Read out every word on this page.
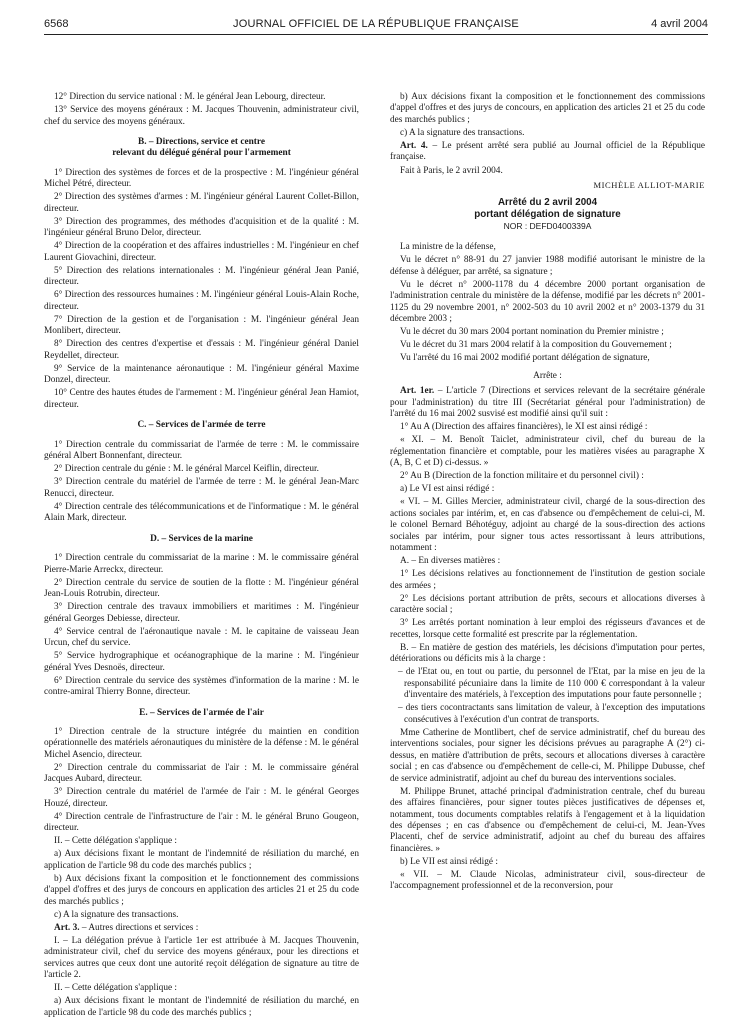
6568	JOURNAL OFFICIEL DE LA RÉPUBLIQUE FRANÇAISE	4 avril 2004

12° Direction du service national : M. le général Jean Lebourg, directeur.

13° Service des moyens généraux : M. Jacques Thouvenin, administrateur civil, chef du service des moyens généraux.

B. – Directions, service et centre
relevant du délégué général pour l'armement

1° Direction des systèmes de forces et de la prospective : M. l'ingénieur général Michel Pétré, directeur.

2° Direction des systèmes d'armes : M. l'ingénieur général Laurent Collet-Billon, directeur.

3° Direction des programmes, des méthodes d'acquisition et de la qualité : M. l'ingénieur général Bruno Delor, directeur.

4° Direction de la coopération et des affaires industrielles : M. l'ingénieur en chef Laurent Giovachini, directeur.

5° Direction des relations internationales : M. l'ingénieur général Jean Panié, directeur.

6° Direction des ressources humaines : M. l'ingénieur général Louis-Alain Roche, directeur.

7° Direction de la gestion et de l'organisation : M. l'ingénieur général Jean Monlibert, directeur.

8° Direction des centres d'expertise et d'essais : M. l'ingénieur général Daniel Reydellet, directeur.

9° Service de la maintenance aéronautique : M. l'ingénieur général Maxime Donzel, directeur.

10° Centre des hautes études de l'armement : M. l'ingénieur général Jean Hamiot, directeur.

C. – Services de l'armée de terre

1° Direction centrale du commissariat de l'armée de terre : M. le commissaire général Albert Bonnenfant, directeur.

2° Direction centrale du génie : M. le général Marcel Keiflin, directeur.

3° Direction centrale du matériel de l'armée de terre : M. le général Jean-Marc Renucci, directeur.

4° Direction centrale des télécommunications et de l'informatique : M. le général Alain Mark, directeur.

D. – Services de la marine

1° Direction centrale du commissariat de la marine : M. le commissaire général Pierre-Marie Arreckx, directeur.

2° Direction centrale du service de soutien de la flotte : M. l'ingénieur général Jean-Louis Rotrubin, directeur.

3° Direction centrale des travaux immobiliers et maritimes : M. l'ingénieur général Georges Debiesse, directeur.

4° Service central de l'aéronautique navale : M. le capitaine de vaisseau Jean Urcun, chef du service.

5° Service hydrographique et océanographique de la marine : M. l'ingénieur général Yves Desnoës, directeur.

6° Direction centrale du service des systèmes d'information de la marine : M. le contre-amiral Thierry Bonne, directeur.

E. – Services de l'armée de l'air

1° Direction centrale de la structure intégrée du maintien en condition opérationnelle des matériels aéronautiques du ministère de la défense : M. le général Michel Asencio, directeur.

2° Direction centrale du commissariat de l'air : M. le commissaire général Jacques Aubard, directeur.

3° Direction centrale du matériel de l'armée de l'air : M. le général Georges Houzé, directeur.

4° Direction centrale de l'infrastructure de l'air : M. le général Bruno Gougeon, directeur.

II. – Cette délégation s'applique :

a) Aux décisions fixant le montant de l'indemnité de résiliation du marché, en application de l'article 98 du code des marchés publics ;

b) Aux décisions fixant la composition et le fonctionnement des commissions d'appel d'offres et des jurys de concours en application des articles 21 et 25 du code des marchés publics ;

c) A la signature des transactions.

Art. 3. – Autres directions et services :

I. – La délégation prévue à l'article 1er est attribuée à M. Jacques Thouvenin, administrateur civil, chef du service des moyens généraux, pour les directions et services autres que ceux dont une autorité reçoit délégation de signature au titre de l'article 2.

II. – Cette délégation s'applique :

a) Aux décisions fixant le montant de l'indemnité de résiliation du marché, en application de l'article 98 du code des marchés publics ;

b) Aux décisions fixant la composition et le fonctionnement des commissions d'appel d'offres et des jurys de concours, en application des articles 21 et 25 du code des marchés publics ;

c) A la signature des transactions.

Art. 4. – Le présent arrêté sera publié au Journal officiel de la République française.

Fait à Paris, le 2 avril 2004.

MICHÈLE ALLIOT-MARIE
Arrêté du 2 avril 2004
portant délégation de signature
NOR : DEFD0400339A

La ministre de la défense,

Vu le décret n° 88-91 du 27 janvier 1988 modifié autorisant le ministre de la défense à déléguer, par arrêté, sa signature ;

Vu le décret n° 2000-1178 du 4 décembre 2000 portant organisation de l'administration centrale du ministère de la défense, modifié par les décrets n° 2001-1125 du 29 novembre 2001, n° 2002-503 du 10 avril 2002 et n° 2003-1379 du 31 décembre 2003 ;

Vu le décret du 30 mars 2004 portant nomination du Premier ministre ;

Vu le décret du 31 mars 2004 relatif à la composition du Gouvernement ;

Vu l'arrêté du 16 mai 2002 modifié portant délégation de signature,

Arrête :

Art. 1er. – L'article 7 (Directions et services relevant de la secrétaire générale pour l'administration) du titre III (Secrétariat général pour l'administration) de l'arrêté du 16 mai 2002 susvisé est modifié ainsi qu'il suit :

1° Au A (Direction des affaires financières), le XI est ainsi rédigé :

« XI. – M. Benoît Taiclet, administrateur civil, chef du bureau de la réglementation financière et comptable, pour les matières visées au paragraphe X (A, B, C et D) ci-dessus. »

2° Au B (Direction de la fonction militaire et du personnel civil) :

a) Le VI est ainsi rédigé :

« VI. – M. Gilles Mercier, administrateur civil, chargé de la sous-direction des actions sociales par intérim, et, en cas d'absence ou d'empêchement de celui-ci, M. le colonel Bernard Béhotéguy, adjoint au chargé de la sous-direction des actions sociales par intérim, pour signer tous actes ressortissant à leurs attributions, notamment :

A. – En diverses matières :

1° Les décisions relatives au fonctionnement de l'institution de gestion sociale des armées ;

2° Les décisions portant attribution de prêts, secours et allocations diverses à caractère social ;

3° Les arrêtés portant nomination à leur emploi des régisseurs d'avances et de recettes, lorsque cette formalité est prescrite par la réglementation.

B. – En matière de gestion des matériels, les décisions d'imputation pour pertes, détériorations ou déficits mis à la charge :

– de l'Etat ou, en tout ou partie, du personnel de l'Etat, par la mise en jeu de la responsabilité pécuniaire dans la limite de 110 000 € correspondant à la valeur d'inventaire des matériels, à l'exception des imputations pour faute personnelle ;

– des tiers cocontractants sans limitation de valeur, à l'exception des imputations consécutives à l'exécution d'un contrat de transports.

Mme Catherine de Montlibert, chef de service administratif, chef du bureau des interventions sociales, pour signer les décisions prévues au paragraphe A (2°) ci-dessus, en matière d'attribution de prêts, secours et allocations diverses à caractère social ; en cas d'absence ou d'empêchement de celle-ci, M. Philippe Dubusse, chef de service administratif, adjoint au chef du bureau des interventions sociales.

M. Philippe Brunet, attaché principal d'administration centrale, chef du bureau des affaires financières, pour signer toutes pièces justificatives de dépenses et, notamment, tous documents comptables relatifs à l'engagement et à la liquidation des dépenses ; en cas d'absence ou d'empêchement de celui-ci, M. Jean-Yves Placenti, chef de service administratif, adjoint au chef du bureau des affaires financières. »

b) Le VII est ainsi rédigé :

« VII. – M. Claude Nicolas, administrateur civil, sous-directeur de l'accompagnement professionnel et de la reconversion, pour
